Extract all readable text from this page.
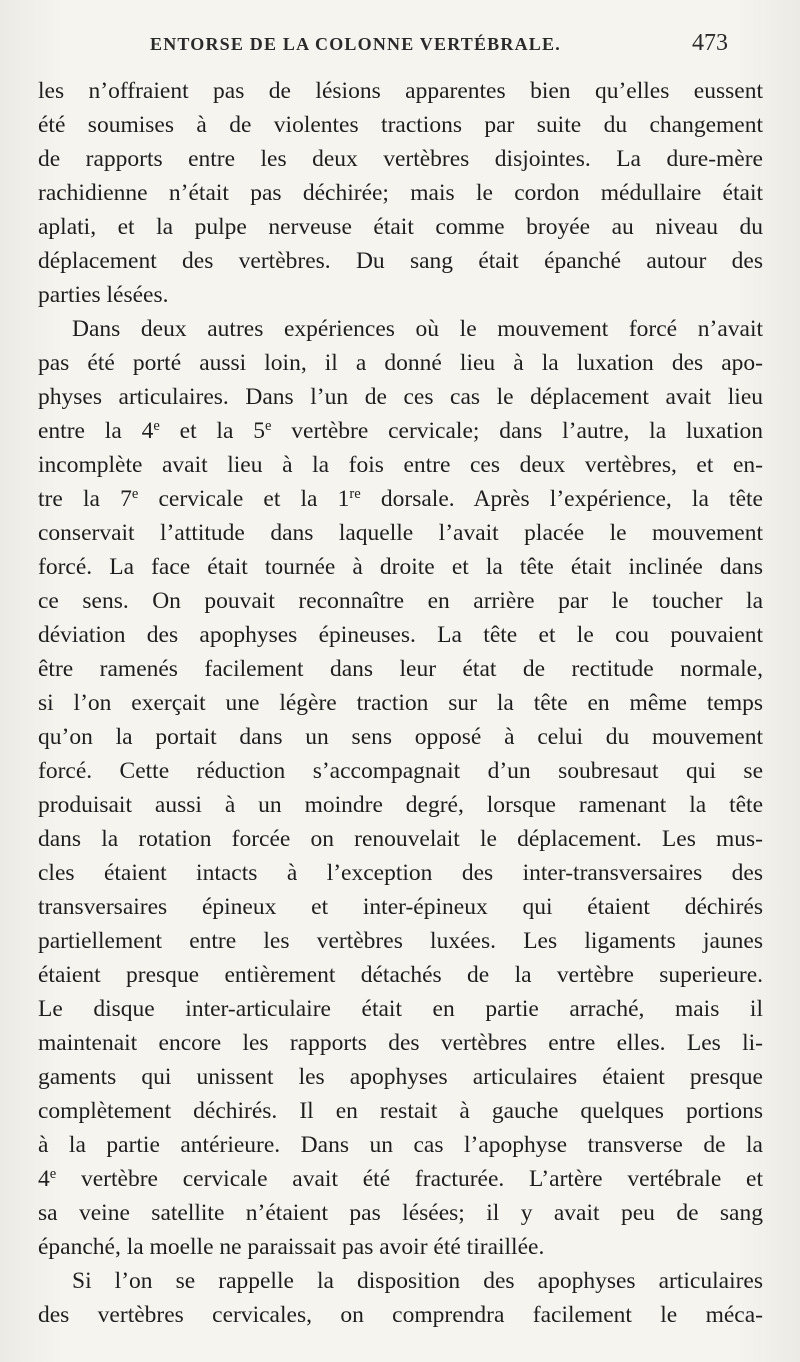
ENTORSE DE LA COLONNE VERTÉBRALE.	473
les n’offraient pas de lésions apparentes bien qu’elles eussent
été soumises à de violentes tractions par suite du changement
de rapports entre les deux vertèbres disjointes. La dure-mère
rachidienne n’était pas déchirée; mais le cordon médullaire était
aplati, et la pulpe nerveuse était comme broyée au niveau du
déplacement des vertèbres. Du sang était épanché autour des
parties lésées.
Dans deux autres expériences où le mouvement forcé n’avait
pas été porté aussi loin, il a donné lieu à la luxation des apo-
physes articulaires. Dans l’un de ces cas le déplacement avait lieu
entre la 4e et la 5e vertèbre cervicale; dans l’autre, la luxation
incomplète avait lieu à la fois entre ces deux vertèbres, et en-
tre la 7e cervicale et la 1re dorsale. Après l’expérience, la tête
conservait l’attitude dans laquelle l’avait placée le mouvement
forcé. La face était tournée à droite et la tête était inclinée dans
ce sens. On pouvait reconnaître en arrière par le toucher la
déviation des apophyses épineuses. La tête et le cou pouvaient
être ramenés facilement dans leur état de rectitude normale,
si l’on exerçait une légère traction sur la tête en même temps
qu’on la portait dans un sens opposé à celui du mouvement
forcé. Cette réduction s’accompagnait d’un soubresaut qui se
produisait aussi à un moindre degré, lorsque ramenant la tête
dans la rotation forcée on renouvelait le déplacement. Les mus-
cles étaient intacts à l’exception des inter-transversaires des
transversaires épineux et inter-épineux qui étaient déchirés
partiellement entre les vertèbres luxées. Les ligaments jaunes
étaient presque entièrement détachés de la vertèbre superieure.
Le disque inter-articulaire était en partie arraché, mais il
maintenait encore les rapports des vertèbres entre elles. Les li-
gaments qui unissent les apophyses articulaires étaient presque
complètement déchirés. Il en restait à gauche quelques portions
à la partie antérieure. Dans un cas l’apophyse transverse de la
4e vertèbre cervicale avait été fracturée. L’artère vertébrale et
sa veine satellite n’étaient pas lésées; il y avait peu de sang
épanché, la moelle ne paraissait pas avoir été tiraillée.
Si l’on se rappelle la disposition des apophyses articulaires
des vertèbres cervicales, on comprendra facilement le méca-
